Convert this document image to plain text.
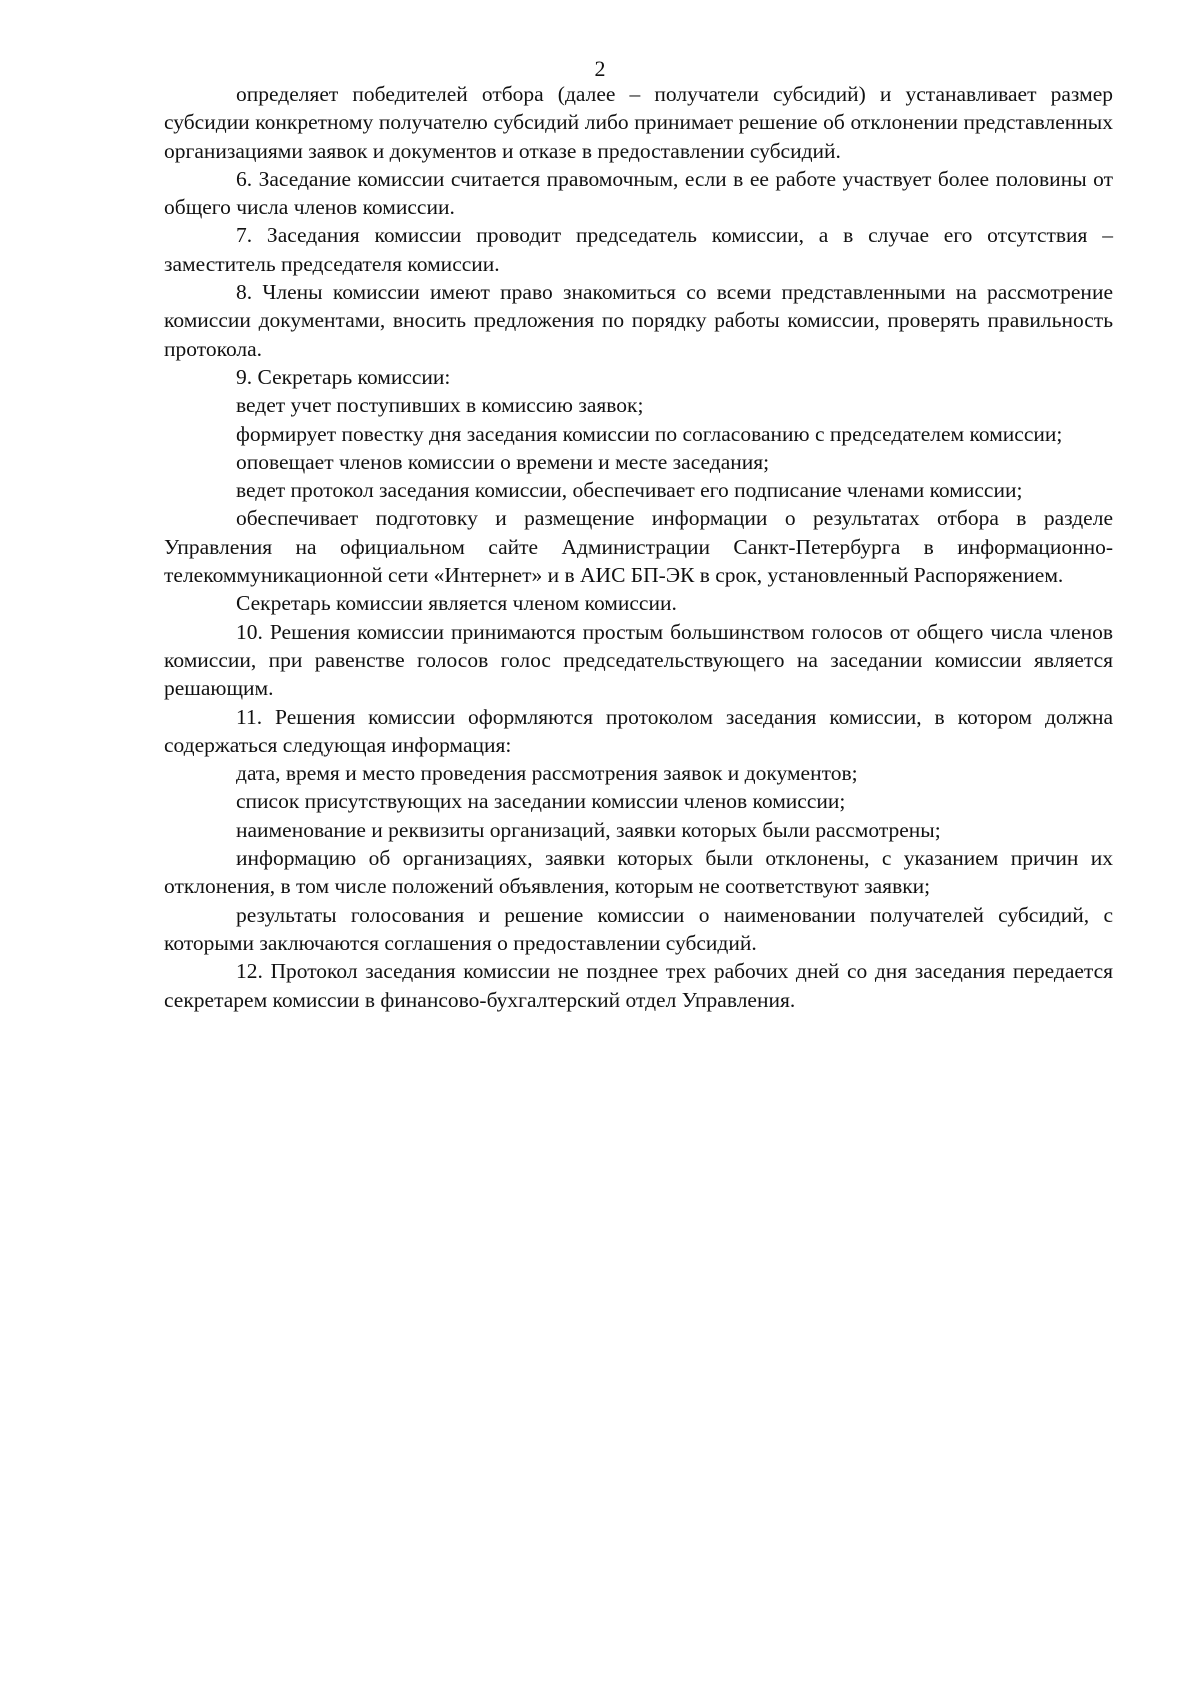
2

определяет победителей отбора (далее – получатели субсидий) и устанавливает размер субсидии конкретному получателю субсидий либо принимает решение об отклонении представленных организациями заявок и документов и отказе в предоставлении субсидий.

6. Заседание комиссии считается правомочным, если в ее работе участвует более половины от общего числа членов комиссии.

7. Заседания комиссии проводит председатель комиссии, а в случае его отсутствия – заместитель председателя комиссии.

8. Члены комиссии имеют право знакомиться со всеми представленными на рассмотрение комиссии документами, вносить предложения по порядку работы комиссии, проверять правильность протокола.

9. Секретарь комиссии:

ведет учет поступивших в комиссию заявок;

формирует повестку дня заседания комиссии по согласованию с председателем комиссии;

оповещает членов комиссии о времени и месте заседания;

ведет протокол заседания комиссии, обеспечивает его подписание членами комиссии;

обеспечивает подготовку и размещение информации о результатах отбора в разделе Управления на официальном сайте Администрации Санкт-Петербурга в информационно-телекоммуникационной сети «Интернет» и в АИС БП-ЭК в срок, установленный Распоряжением.

Секретарь комиссии является членом комиссии.

10. Решения комиссии принимаются простым большинством голосов от общего числа членов комиссии, при равенстве голосов голос председательствующего на заседании комиссии является решающим.

11. Решения комиссии оформляются протоколом заседания комиссии, в котором должна содержаться следующая информация:

дата, время и место проведения рассмотрения заявок и документов;

список присутствующих на заседании комиссии членов комиссии;

наименование и реквизиты организаций, заявки которых были рассмотрены;

информацию об организациях, заявки которых были отклонены, с указанием причин их отклонения, в том числе положений объявления, которым не соответствуют заявки;

результаты голосования и решение комиссии о наименовании получателей субсидий, с которыми заключаются соглашения о предоставлении субсидий.

12. Протокол заседания комиссии не позднее трех рабочих дней со дня заседания передается секретарем комиссии в финансово-бухгалтерский отдел Управления.
